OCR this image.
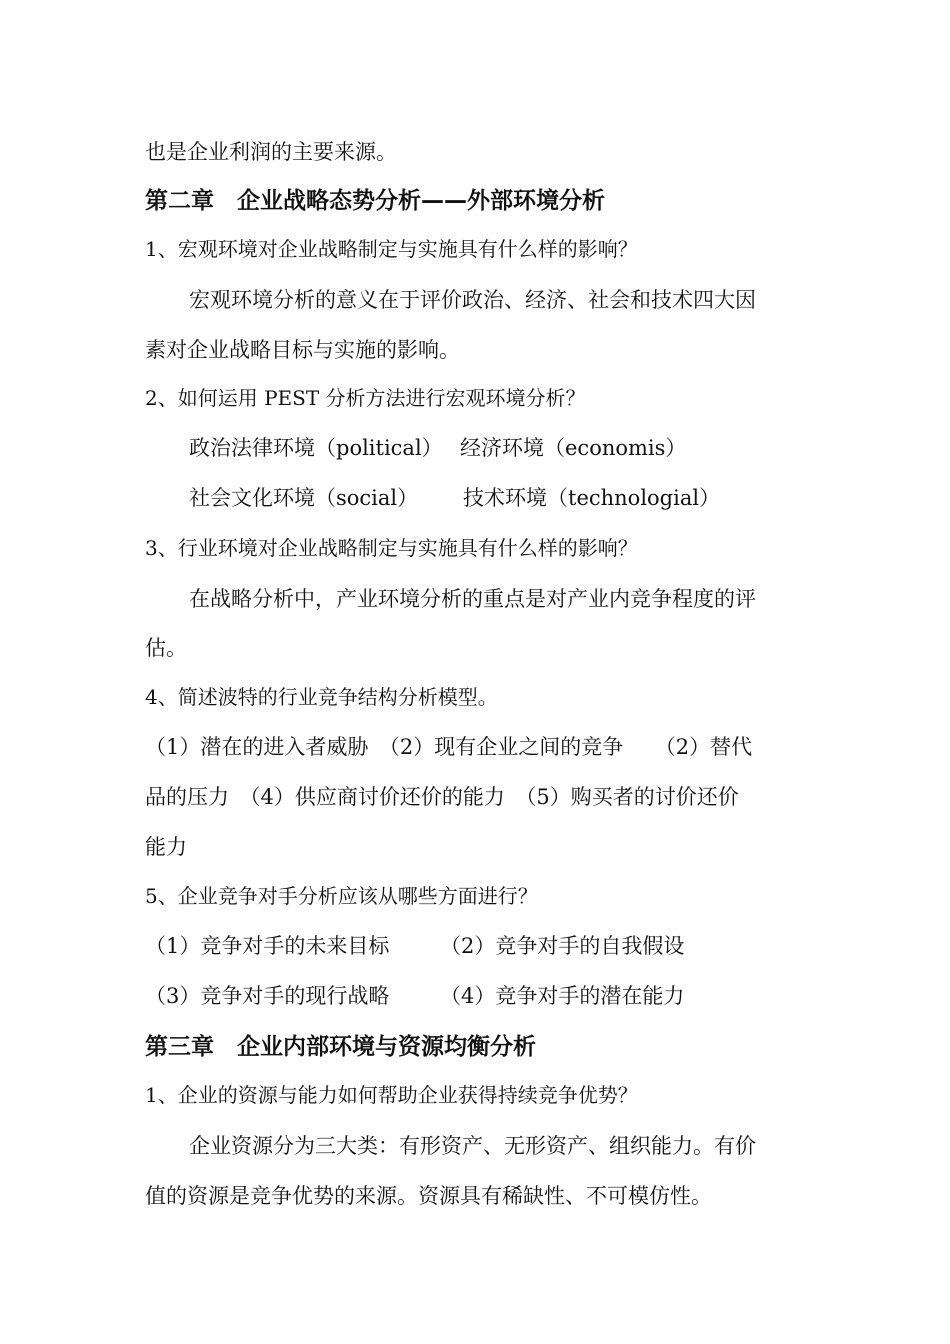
也是企业利润的主要来源。
第二章　企业战略态势分析——外部环境分析
1、宏观环境对企业战略制定与实施具有什么样的影响？
宏观环境分析的意义在于评价政治、经济、社会和技术四大因
素对企业战略目标与实施的影响。
2、如何运用 PEST 分析方法进行宏观环境分析？
政治法律环境（political） 经济环境（economis）
社会文化环境（social） 技术环境（technologial）
3、行业环境对企业战略制定与实施具有什么样的影响？
在战略分析中，产业环境分析的重点是对产业内竞争程度的评
估。
4、简述波特的行业竞争结构分析模型。
（1）潜在的进入者威胁　（2）现有企业之间的竞争　　（2）替代
品的压力　（4）供应商讨价还价的能力　（5）购买者的讨价还价
能力
5、企业竞争对手分析应该从哪些方面进行？
（1）竞争对手的未来目标 （2）竞争对手的自我假设
（3）竞争对手的现行战略 （4）竞争对手的潜在能力
第三章　企业内部环境与资源均衡分析
1、企业的资源与能力如何帮助企业获得持续竞争优势？
企业资源分为三大类：有形资产、无形资产、组织能力。有价
值的资源是竞争优势的来源。资源具有稀缺性、不可模仿性。
